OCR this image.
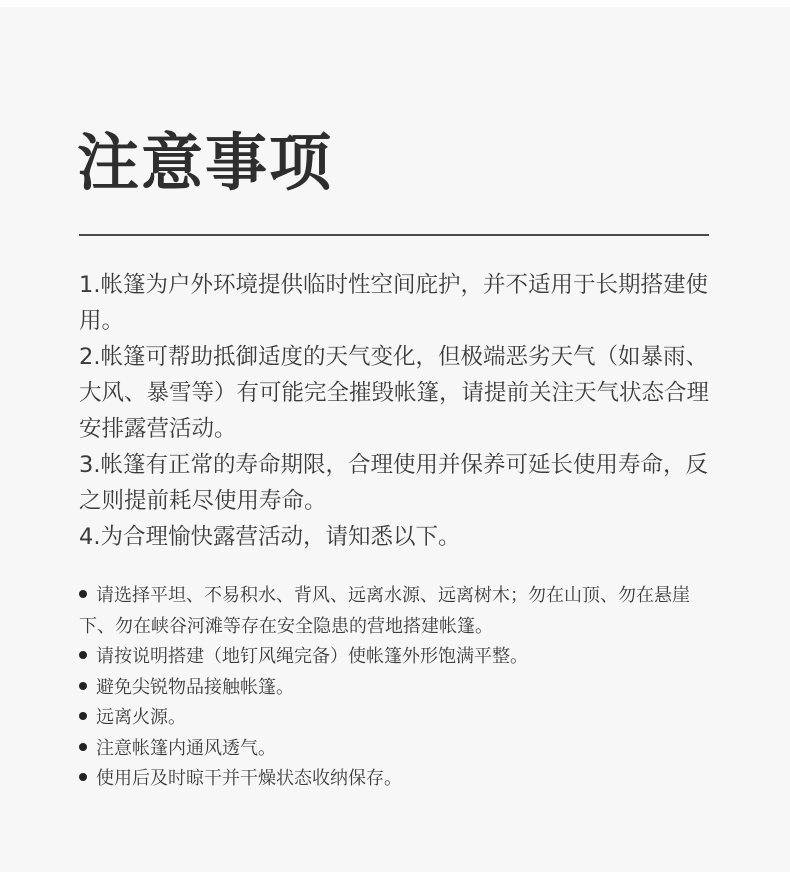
注意事项
1.帐篷为户外环境提供临时性空间庇护，并不适用于长期搭建使用。
2.帐篷可帮助抵御适度的天气变化，但极端恶劣天气（如暴雨、大风、暴雪等）有可能完全摧毁帐篷，请提前关注天气状态合理安排露营活动。
3.帐篷有正常的寿命期限，合理使用并保养可延长使用寿命，反之则提前耗尽使用寿命。
4.为合理愉快露营活动，请知悉以下。
请选择平坦、不易积水、背风、远离水源、远离树木；勿在山顶、勿在悬崖下、勿在峡谷河滩等存在安全隐患的营地搭建帐篷。
请按说明搭建（地钉风绳完备）使帐篷外形饱满平整。
避免尖锐物品接触帐篷。
远离火源。
注意帐篷内通风透气。
使用后及时晾干并干燥状态收纳保存。
